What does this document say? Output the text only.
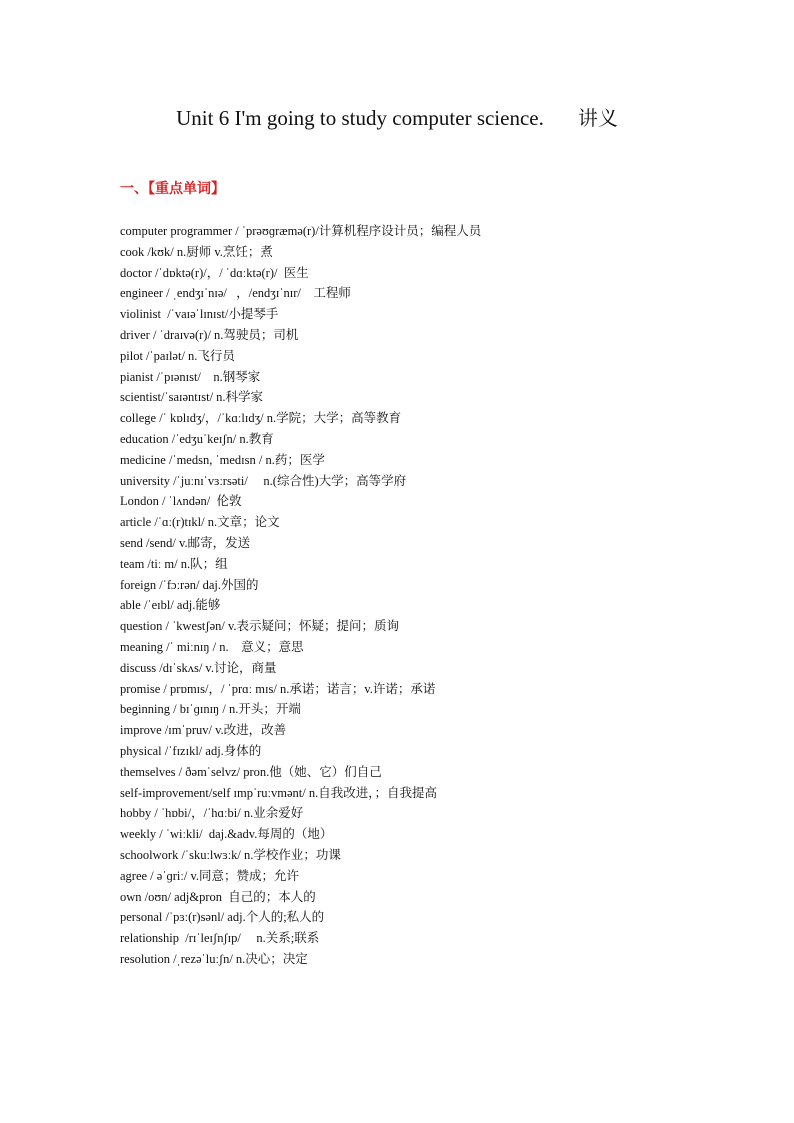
Unit 6 I'm going to study computer science. 讲义
一、【重点单词】
computer programmer / ˈprəʊɡræmə(r)/计算机程序设计员；编程人员
cook /kʊk/ n.厨师 v.烹饪；煮
doctor /ˈdɒktə(r)/，/ ˈdɑːktə(r)/  医生
engineer / ˌendʒɪˈnɪə/   ，/endʒɪˈnɪr/    工程师
violinist  /ˈvaɪəˈlɪnɪst/小提琴手
driver / ˈdraɪvə(r)/ n.驾驶员；司机
pilot /ˈpaɪlət/ n.飞行员
pianist /ˈpɪənɪst/    n.钢琴家
scientist/ˈsaɪəntɪst/ n.科学家
college /ˈ kɒlɪdʒ/，/ˈkɑːlɪdʒ/ n.学院；大学；高等教育
education /ˈedʒuˈkeɪʃn/ n.教育
medicine /ˈmedsn, ˈmedɪsn / n.药；医学
university /ˈjuːnɪˈvɜːrsəti/     n.(综合性)大学；高等学府
London / ˈlʌndən/  伦敦
article /ˈɑː(r)tɪkl/ n.文章；论文
send /send/ v.邮寄，发送
team /tiː m/ n.队；组
foreign /ˈfɔːrən/ daj.外国的
able /ˈeɪbl/ adj.能够
question / ˈkwestʃən/ v.表示疑问；怀疑；提问；质询
meaning /ˈ miːnɪŋ / n.    意义；意思
discuss /dɪˈskʌs/ v.讨论，商量
promise / prɒmɪs/，/ ˈprɑː mɪs/ n.承诺；诺言；v.许诺；承诺
beginning / bɪˈɡɪnɪŋ / n.开头；开端
improve /ɪmˈpruv/ v.改进，改善
physical /ˈfɪzɪkl/ adj.身体的
themselves / ðəmˈselvz/ pron.他（她、它）们自己
self-improvement/self ɪmpˈruːvmənt/ n.自我改进，；自我提高
hobby / ˈhɒbi/，/ˈhɑːbi/ n.业余爱好
weekly / ˈwiːkli/  daj.&adv.每周的（地）
schoolwork /ˈskuːlwɜːk/ n.学校作业；功课
agree / əˈɡriː/ v.同意；赞成；允许
own /oʊn/ adj&pron  自己的；本人的
personal /ˈpɜː(r)sənl/ adj.个人的;私人的
relationship  /rɪˈleɪʃnʃɪp/     n.关系;联系
resolution /ˌrezəˈluːʃn/ n.决心；决定
